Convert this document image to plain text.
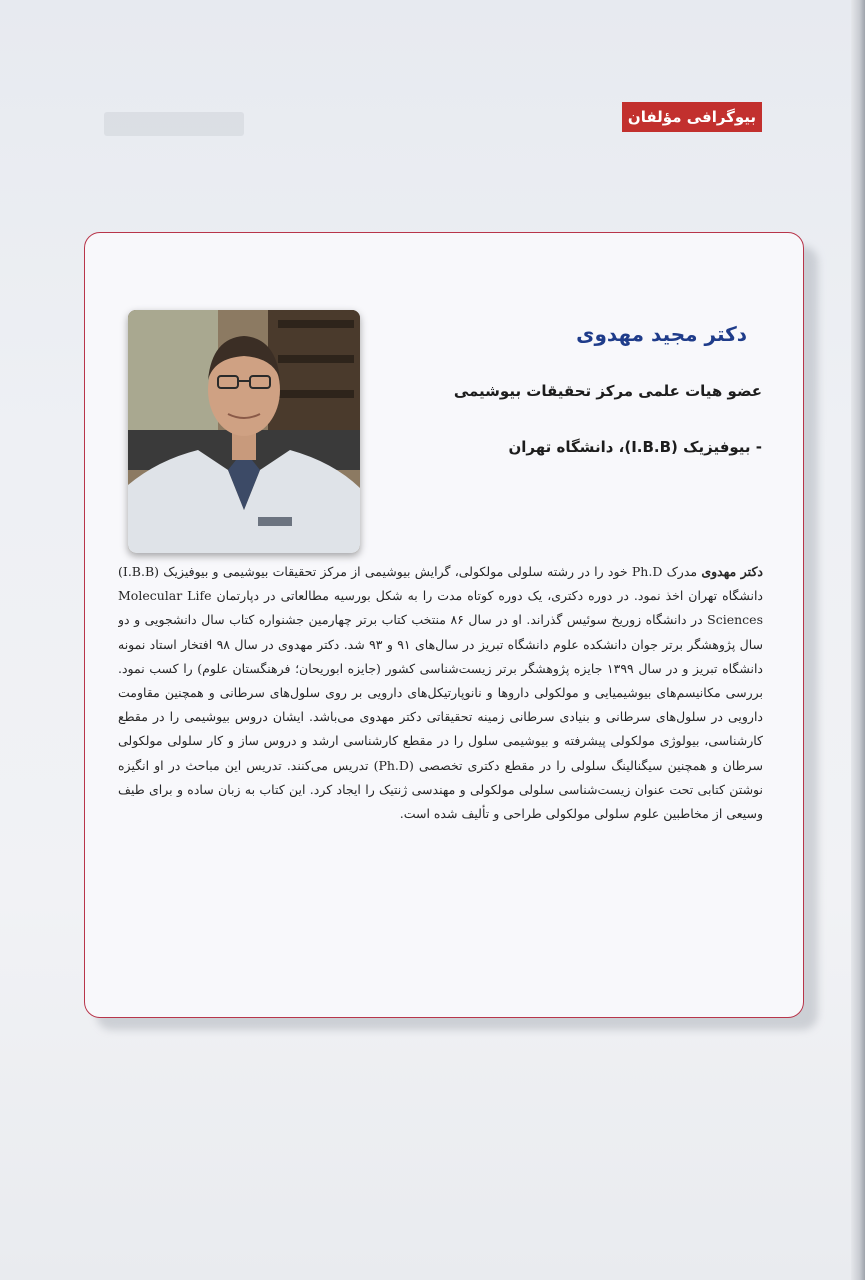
بیوگرافی مؤلفان
دکتر مجید مهدوی
عضو هیات علمی مرکز تحقیقات بیوشیمی
- بیوفیزیک (I.B.B)، دانشگاه تهران

دکتر مهدوی مدرک Ph.D خود را در رشته سلولی مولکولی، گرایش بیوشیمی از مرکز تحقیقات بیوشیمی و بیوفیزیک (I.B.B) دانشگاه تهران اخذ نمود. در دوره دکتری، یک دوره کوتاه مدت را به شکل بورسیه مطالعاتی در دپارتمان Molecular Life Sciences در دانشگاه زوریخ سوئیس گذراند. او در سال ۸۶ منتخب کتاب برتر چهارمین جشنواره کتاب سال دانشجویی و دو سال پژوهشگر برتر جوان دانشکده علوم دانشگاه تبریز در سال‌های ۹۱ و ۹۳ شد. دکتر مهدوی در سال ۹۸ افتخار استاد نمونه دانشگاه تبریز و در سال ۱۳۹۹ جایزه پژوهشگر برتر زیست‌شناسی کشور (جایزه ابوریحان؛ فرهنگستان علوم) را کسب نمود. بررسی مکانیسم‌های بیوشیمیایی و مولکولی داروها و نانوپارتیکل‌های دارویی بر روی سلول‌های سرطانی و همچنین مقاومت دارویی در سلول‌های سرطانی و بنیادی سرطانی زمینه تحقیقاتی دکتر مهدوی می‌باشد. ایشان دروس بیوشیمی را در مقطع کارشناسی، بیولوژی مولکولی پیشرفته و بیوشیمی سلول را در مقطع کارشناسی ارشد و دروس ساز و کار سلولی مولکولی سرطان و همچنین سیگنالینگ سلولی را در مقطع دکتری تخصصی (Ph.D) تدریس می‌کنند. تدریس این مباحث در او انگیزه نوشتن کتابی تحت عنوان زیست‌شناسی سلولی مولکولی و مهندسی ژنتیک را ایجاد کرد. این کتاب به زبان ساده و برای طیف وسیعی از مخاطبین علوم سلولی مولکولی طراحی و تألیف شده است.
